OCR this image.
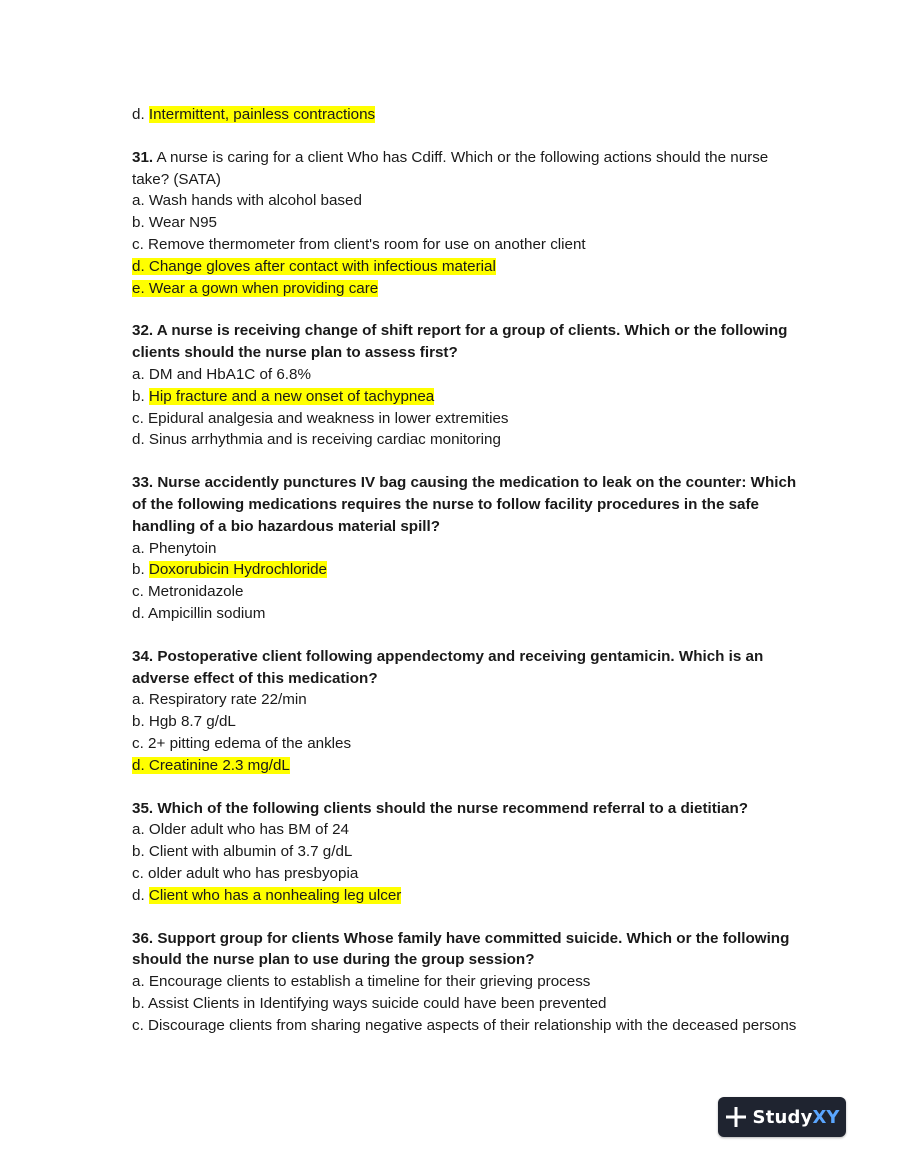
d. Intermittent, painless contractions

31. A nurse is caring for a client Who has Cdiff. Which or the following actions should the nurse take? (SATA)

a. Wash hands with alcohol based

b. Wear N95

c. Remove thermometer from client's room for use on another client

d. Change gloves after contact with infectious material

e. Wear a gown when providing care

32. A nurse is receiving change of shift report for a group of clients. Which or the following clients should the nurse plan to assess first?

a. DM and HbA1C of 6.8%

b. Hip fracture and a new onset of tachypnea

c. Epidural analgesia and weakness in lower extremities

d. Sinus arrhythmia and is receiving cardiac monitoring

33. Nurse accidently punctures IV bag causing the medication to leak on the counter: Which of the following medications requires the nurse to follow facility procedures in the safe handling of a bio hazardous material spill?

a. Phenytoin

b. Doxorubicin Hydrochloride

c. Metronidazole

d. Ampicillin sodium

34. Postoperative client following appendectomy and receiving gentamicin. Which is an adverse effect of this medication?

a. Respiratory rate 22/min

b. Hgb 8.7 g/dL

c. 2+ pitting edema of the ankles

d. Creatinine 2.3 mg/dL

35. Which of the following clients should the nurse recommend referral to a dietitian?

a. Older adult who has BM of 24

b. Client with albumin of 3.7 g/dL

c. older adult who has presbyopia

d. Client who has a nonhealing leg ulcer

36. Support group for clients Whose family have committed suicide. Which or the following should the nurse plan to use during the group session?

a. Encourage clients to establish a timeline for their grieving process

b. Assist Clients in Identifying ways suicide could have been prevented

c. Discourage clients from sharing negative aspects of their relationship with the deceased persons

Study XY
